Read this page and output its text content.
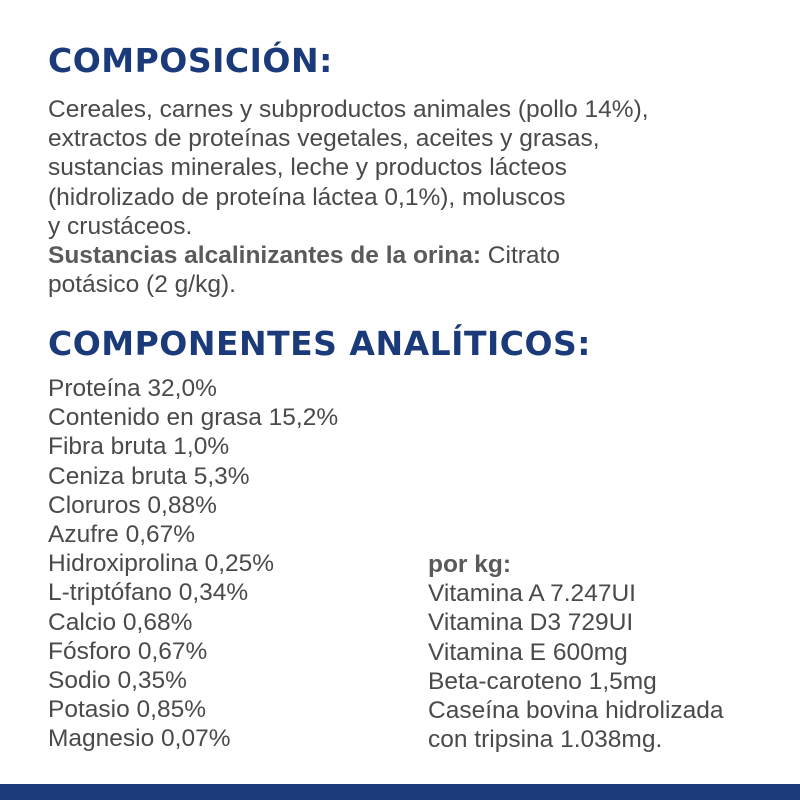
COMPOSICIÓN:
Cereales, carnes y subproductos animales (pollo 14%),
extractos de proteínas vegetales, aceites y grasas,
sustancias minerales, leche y productos lácteos
(hidrolizado de proteína láctea 0,1%), moluscos
y crustáceos.
Sustancias alcalinizantes de la orina: Citrato
potásico (2 g/kg).
COMPONENTES ANALÍTICOS:
Proteína 32,0%
Contenido en grasa 15,2%
Fibra bruta 1,0%
Ceniza bruta 5,3%
Cloruros 0,88%
Azufre 0,67%
Hidroxiprolina 0,25%
L-triptófano 0,34%
Calcio 0,68%
Fósforo 0,67%
Sodio 0,35%
Potasio 0,85%
Magnesio 0,07%
por kg:
Vitamina A 7.247UI
Vitamina D3 729UI
Vitamina E 600mg
Beta-caroteno 1,5mg
Caseína bovina hidrolizada
con tripsina 1.038mg.
